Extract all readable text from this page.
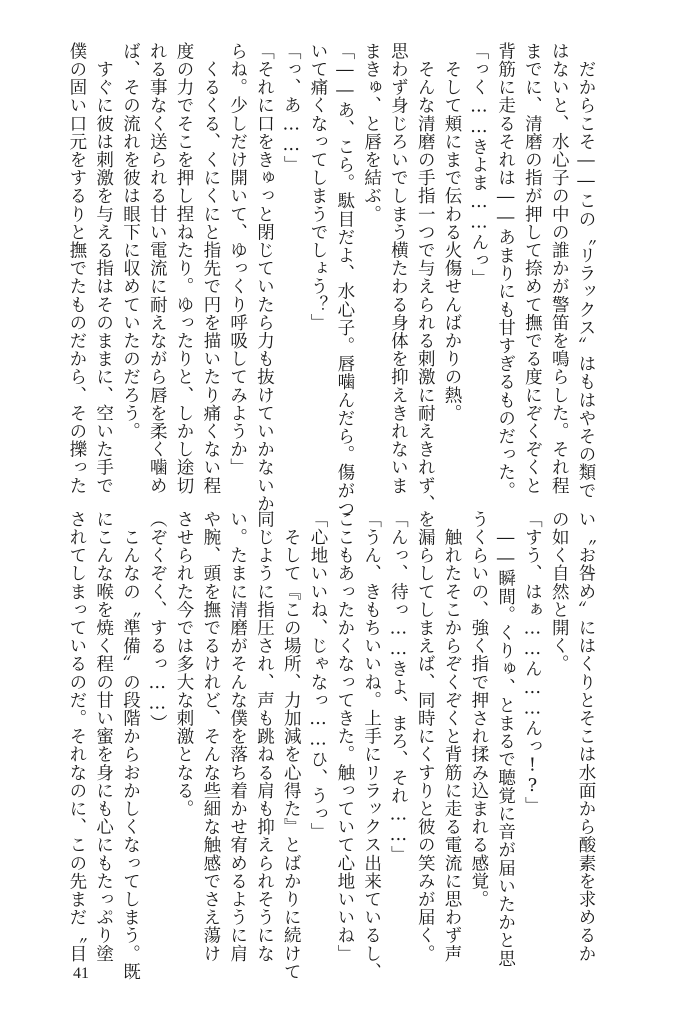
　だからこそ――この〝リラックス〟はもはやその類で
はないと、水心子の中の誰かが警笛を鳴らした。それ程
までに、清磨の指が押して捺めて撫でる度にぞくぞくと
背筋に走るそれは――あまりにも甘すぎるものだった。
「っく……きよま……んっ」
　そして頬にまで伝わる火傷せんばかりの熱。
　そんな清磨の手指一つで与えられる刺激に耐えきれず、
思わず身じろいでしまう横たわる身体を抑えきれないま
まきゅ、と唇を結ぶ。
「――あ、こら。駄目だよ、水心子。唇噛んだら。傷がつ
いて痛くなってしまうでしょう？」
「っ、あ……」
「それに口をきゅっと閉じていたら力も抜けていかないか
らね。少しだけ開いて、ゆっくり呼吸してみようか」
　くるくる、くにくにと指先で円を描いたり痛くない程
度の力でそこを押し捏ねたり。ゆったりと、しかし途切
れる事なく送られる甘い電流に耐えながら唇を柔く噛め
ば、その流れを彼は眼下に収めていたのだろう。
　すぐに彼は刺激を与える指はそのままに、空いた手で
僕の固い口元をするりと撫でたものだから、その擽った
い〝お咎め〟にはくりとそこは水面から酸素を求めるか
の如く自然と開く。
「すう、はぁ……ん……んっ!?」
　――瞬間。くりゅ、とまるで聴覚に音が届いたかと思
うくらいの、強く指で押され揉み込まれる感覚。
　触れたそこからぞくぞくと背筋に走る電流に思わず声
を漏らしてしまえば、同時にくすりと彼の笑みが届く。
「んっ、待っ……きよ、まろ、それ……」
「うん、きもちいいね。上手にリラックス出来ているし、
ここもあったかくなってきた。触っていて心地いいね」
「心地いいね、じゃなっ……ひ、うっ」
　そして『この場所、力加減を心得た』とばかりに続けて
同じように指圧され、声も跳ねる肩も抑えられそうにな
い。たまに清磨がそんな僕を落ち着かせ宥めるように肩
や腕、頭を撫でるけれど、そんな些細な触感でさえ蕩け
させられた今では多大な刺激となる。
（ぞくぞく、するっ……）
　こんなの〝準備〟の段階からおかしくなってしまう。既
にこんな喉を焼く程の甘い蜜を身にも心にもたっぷり塗
されてしまっているのだ。それなのに、この先まだ〝目
41
